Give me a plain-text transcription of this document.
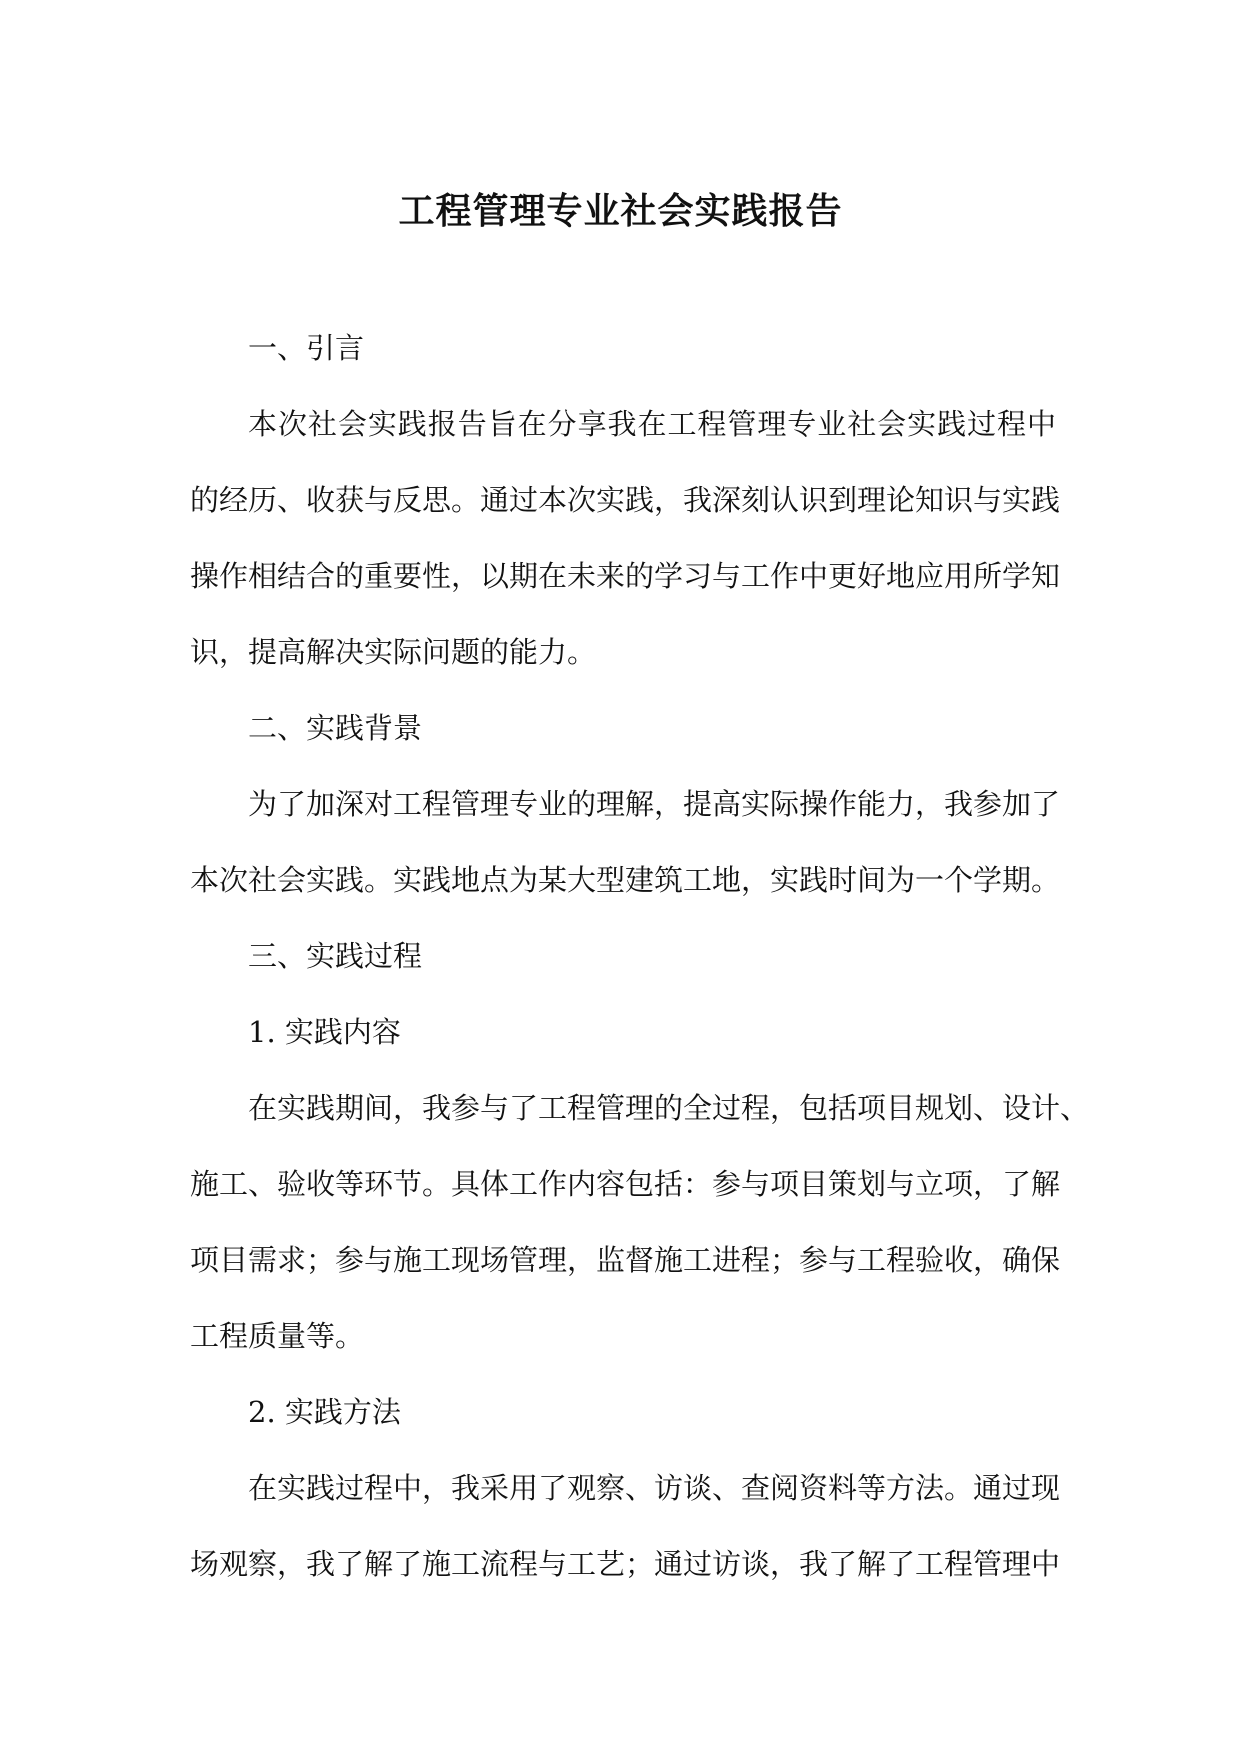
工程管理专业社会实践报告
一、引言
本次社会实践报告旨在分享我在工程管理专业社会实践过程中
的经历、收获与反思。通过本次实践，我深刻认识到理论知识与实践
操作相结合的重要性，以期在未来的学习与工作中更好地应用所学知
识，提高解决实际问题的能力。
二、实践背景
为了加深对工程管理专业的理解，提高实际操作能力，我参加了
本次社会实践。实践地点为某大型建筑工地，实践时间为一个学期。
三、实践过程
1. 实践内容
在实践期间，我参与了工程管理的全过程，包括项目规划、设计、
施工、验收等环节。具体工作内容包括：参与项目策划与立项，了解
项目需求；参与施工现场管理，监督施工进程；参与工程验收，确保
工程质量等。
2. 实践方法
在实践过程中，我采用了观察、访谈、查阅资料等方法。通过现
场观察，我了解了施工流程与工艺；通过访谈，我了解了工程管理中
